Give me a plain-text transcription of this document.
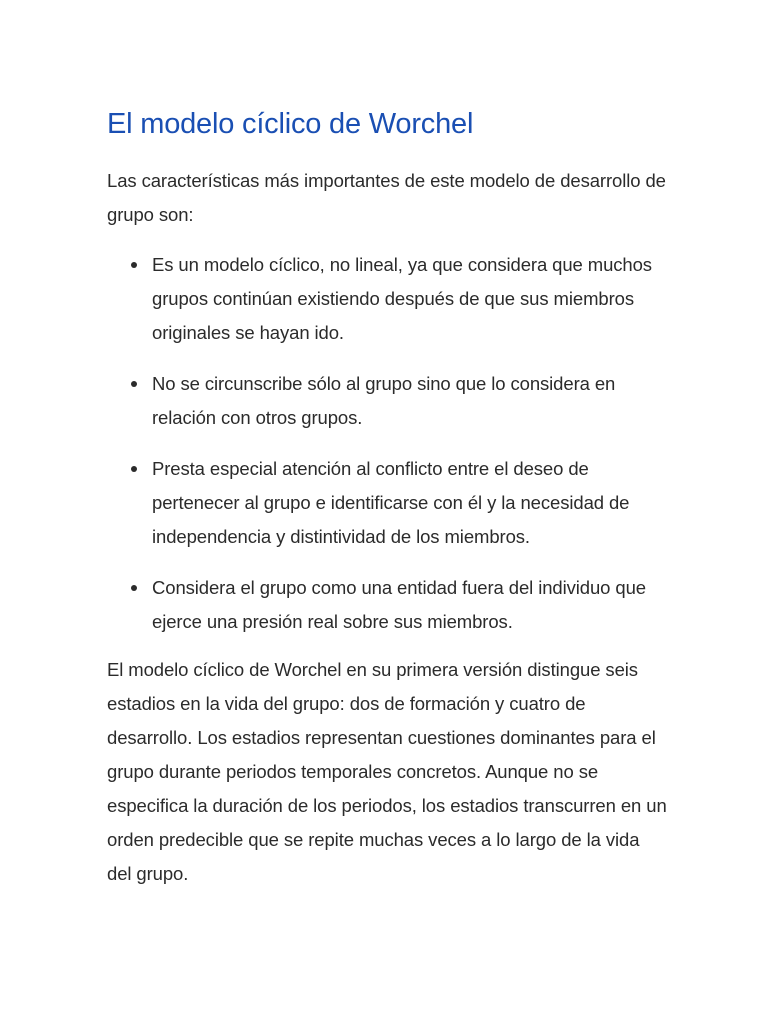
El modelo cíclico de Worchel

Las características más importantes de este modelo de desarrollo de grupo son:

Es un modelo cíclico, no lineal, ya que considera que muchos grupos continúan existiendo después de que sus miembros originales se hayan ido.
No se circunscribe sólo al grupo sino que lo considera en relación con otros grupos.
Presta especial atención al conflicto entre el deseo de pertenecer al grupo e identificarse con él y la necesidad de independencia y distintividad de los miembros.
Considera el grupo como una entidad fuera del individuo que ejerce una presión real sobre sus miembros.

El modelo cíclico de Worchel en su primera versión distingue seis estadios en la vida del grupo: dos de formación y cuatro de desarrollo. Los estadios representan cuestiones dominantes para el grupo durante periodos temporales concretos. Aunque no se especifica la duración de los periodos, los estadios transcurren en un orden predecible que se repite muchas veces a lo largo de la vida del grupo.
